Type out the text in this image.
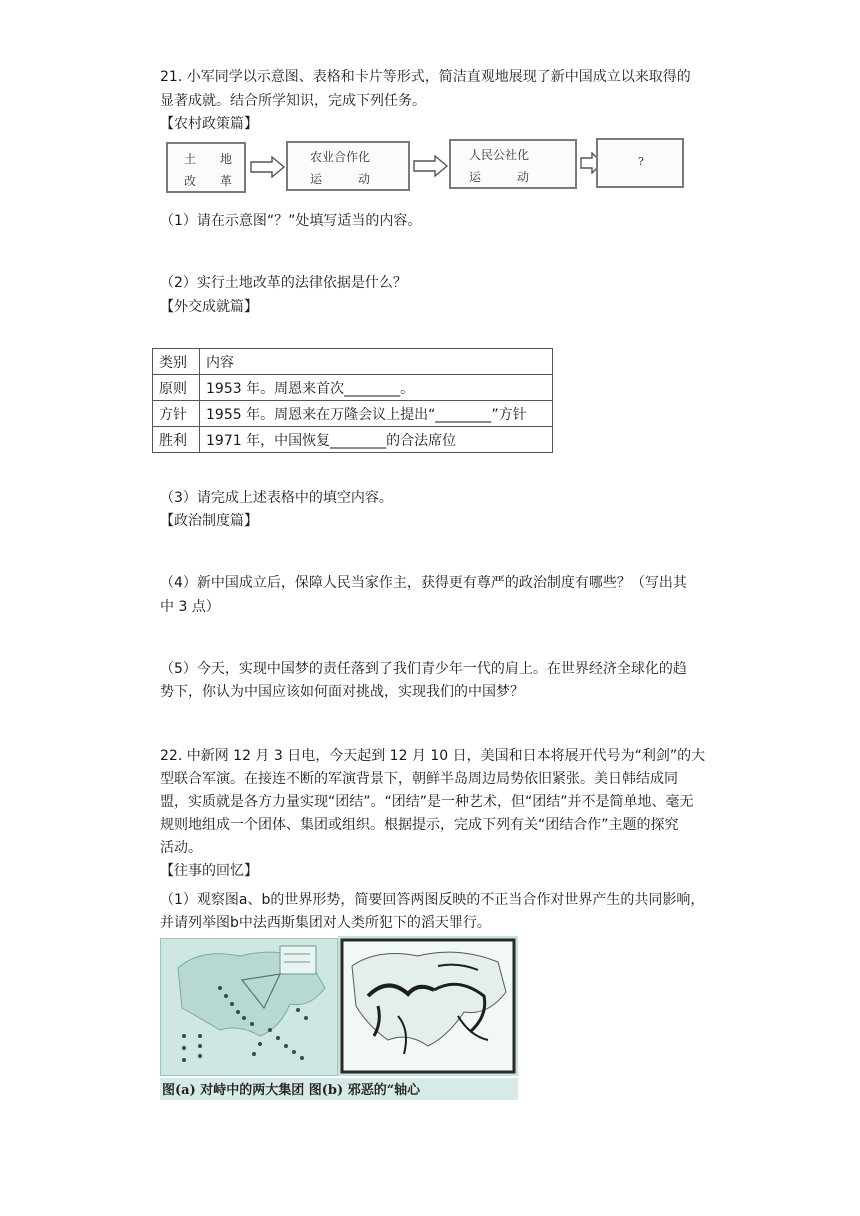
21. 小军同学以示意图、表格和卡片等形式，简洁直观地展现了新中国成立以来取得的
显著成就。结合所学知识，完成下列任务。
【农村政策篇】
土　　地
改　　革
农业合作化
运　　　动
人民公社化
运　　　动
?
（1）请在示意图“？”处填写适当的内容。
（2）实行土地改革的法律依据是什么？
【外交成就篇】
类别	内容
原则	1953 年。周恩来首次________。
方针	1955 年。周恩来在万隆会议上提出“________”方针
胜利	1971 年，中国恢复________的合法席位
（3）请完成上述表格中的填空内容。
【政治制度篇】
（4）新中国成立后，保障人民当家作主，获得更有尊严的政治制度有哪些？（写出其
中 3 点）
（5）今天，实现中国梦的责任落到了我们青少年一代的肩上。在世界经济全球化的趋
势下，你认为中国应该如何面对挑战，实现我们的中国梦？
22. 中新网 12 月 3 日电，今天起到 12 月 10 日，美国和日本将展开代号为“利剑”的大
型联合军演。在接连不断的军演背景下，朝鲜半岛周边局势依旧紧张。美日韩结成同
盟，实质就是各方力量实现“团结”。“团结”是一种艺术，但“团结”并不是简单地、毫无
规则地组成一个团体、集团或组织。根据提示，完成下列有关“团结合作”主题的探究
活动。
【往事的回忆】
（1）观察图a、b的世界形势，简要回答两图反映的不正当合作对世界产生的共同影响，
并请列举图b中法西斯集团对人类所犯下的滔天罪行。
图(a) 对峙中的两大集团 图(b) 邪恶的“轴心
